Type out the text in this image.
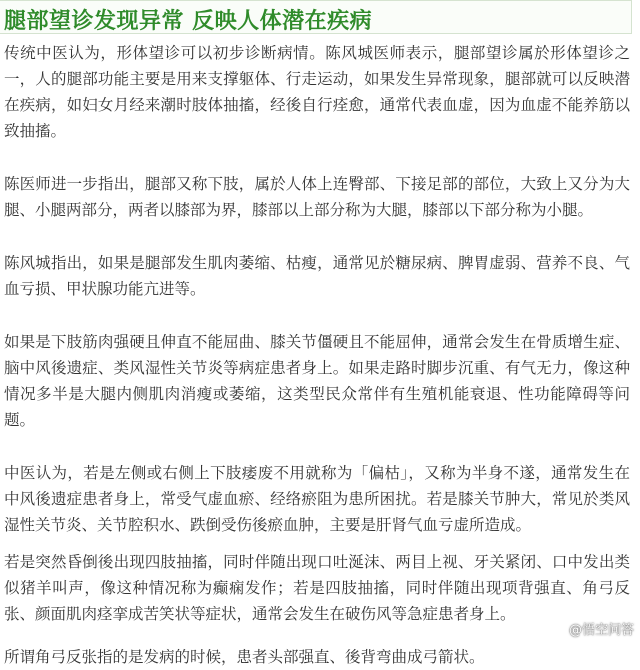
腿部望诊发现异常 反映人体潜在疾病

传统中医认为，形体望诊可以初步诊断病情。陈风城医师表示，腿部望诊属於形体望诊之一，人的腿部功能主要是用来支撑躯体、行走运动，如果发生异常现象，腿部就可以反映潜在疾病，如妇女月经来潮时肢体抽搐，经後自行痊愈，通常代表血虚，因为血虚不能养筋以致抽搐。

陈医师进一步指出，腿部又称下肢，属於人体上连臀部、下接足部的部位，大致上又分为大腿、小腿两部分，两者以膝部为界，膝部以上部分称为大腿，膝部以下部分称为小腿。

陈风城指出，如果是腿部发生肌肉萎缩、枯瘦，通常见於糖尿病、脾胃虚弱、营养不良、气血亏损、甲状腺功能亢进等。

如果是下肢筋肉强硬且伸直不能屈曲、膝关节僵硬且不能屈伸，通常会发生在骨质增生症、脑中风後遗症、类风湿性关节炎等病症患者身上。如果走路时脚步沉重、有气无力，像这种情况多半是大腿内侧肌肉消瘦或萎缩，这类型民众常伴有生殖机能衰退、性功能障碍等问题。

中医认为，若是左侧或右侧上下肢痿废不用就称为「偏枯」，又称为半身不遂，通常发生在中风後遗症患者身上，常受气虚血瘀、经络瘀阻为患所困扰。若是膝关节肿大，常见於类风湿性关节炎、关节腔积水、跌倒受伤後瘀血肿，主要是肝肾气血亏虚所造成。

若是突然昏倒後出现四肢抽搐，同时伴随出现口吐涎沫、两目上视、牙关紧闭、口中发出类似猪羊叫声，像这种情况称为癫痫发作；若是四肢抽搐，同时伴随出现项背强直、角弓反张、颜面肌肉痉挛成苦笑状等症状，通常会发生在破伤风等急症患者身上。

所谓角弓反张指的是发病的时候，患者头部强直、後背弯曲成弓箭状。

@悟空问答
